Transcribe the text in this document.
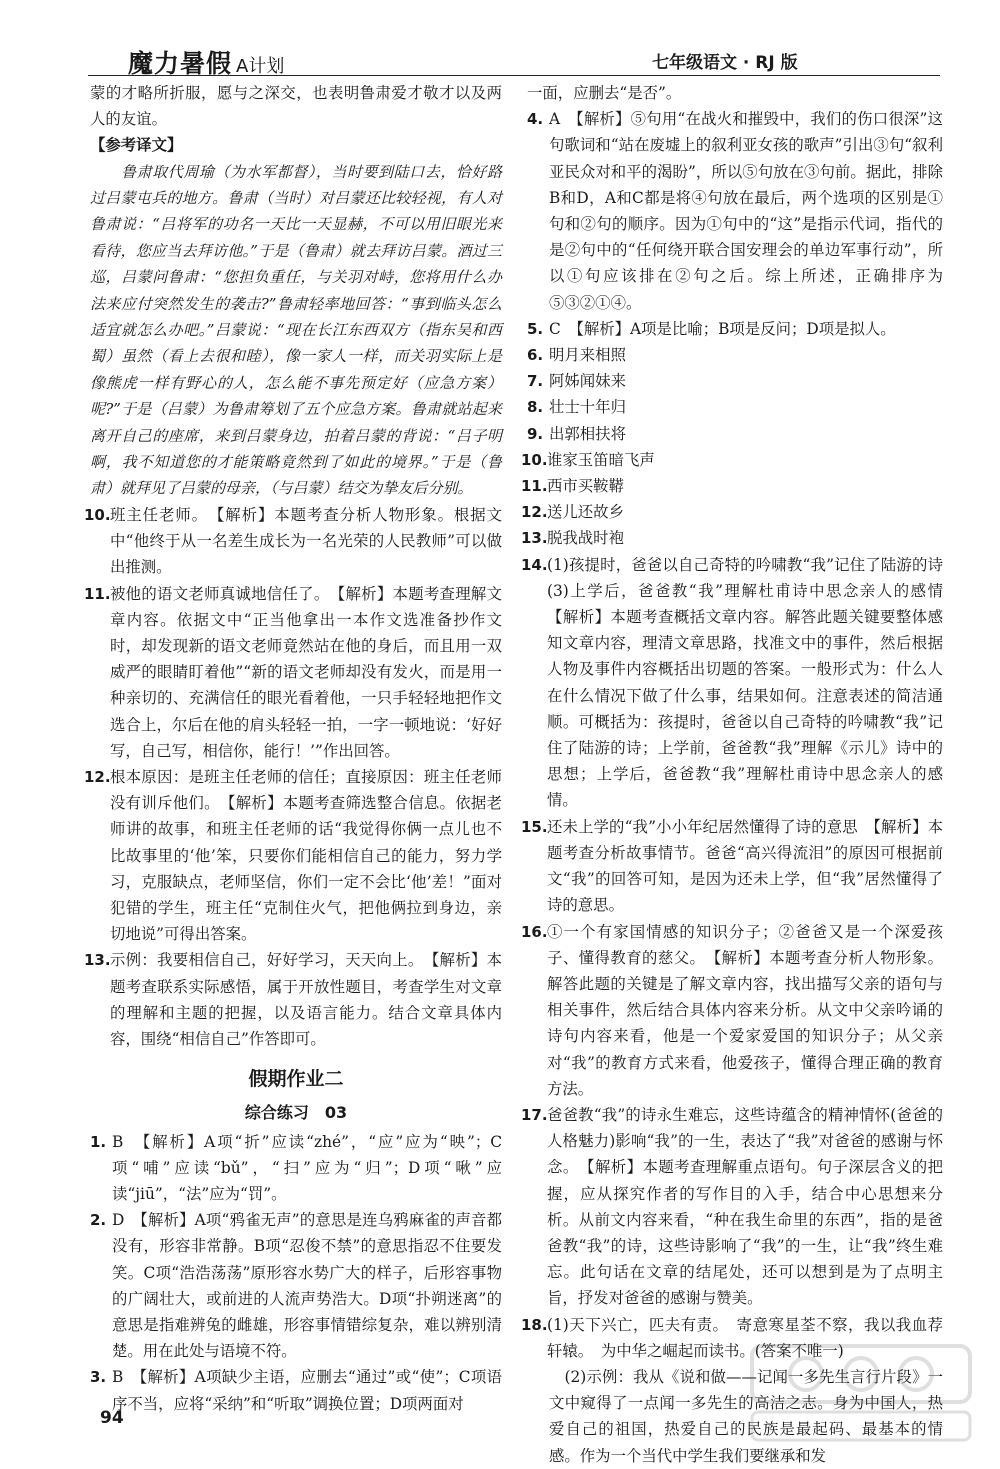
魔力暑假 A计划	七年级语文 · RJ 版

蒙的才略所折服，愿与之深交，也表明鲁肃爱才敬才以及两人的友谊。

【参考译文】

　　鲁肃取代周瑜（为水军都督），当时要到陆口去，恰好路过吕蒙屯兵的地方。鲁肃（当时）对吕蒙还比较轻视，有人对鲁肃说：“吕将军的功名一天比一天显赫，不可以用旧眼光来看待，您应当去拜访他。”于是（鲁肃）就去拜访吕蒙。酒过三巡，吕蒙问鲁肃：“您担负重任，与关羽对峙，您将用什么办法来应付突然发生的袭击?”鲁肃轻率地回答：“事到临头怎么适宜就怎么办吧。”吕蒙说：“现在长江东西双方（指东吴和西蜀）虽然（看上去很和睦），像一家人一样，而关羽实际上是像熊虎一样有野心的人，怎么能不事先预定好（应急方案）呢?”于是（吕蒙）为鲁肃筹划了五个应急方案。鲁肃就站起来离开自己的座席，来到吕蒙身边，拍着吕蒙的背说：“吕子明啊，我不知道您的才能策略竟然到了如此的境界。”于是（鲁肃）就拜见了吕蒙的母亲，（与吕蒙）结交为挚友后分别。

10. 班主任老师。　【解析】本题考查分析人物形象。根据文中“他终于从一名差生成长为一名光荣的人民教师”可以做出推测。
11. 被他的语文老师真诚地信任了。　【解析】本题考查理解文章内容。依据文中“正当他拿出一本作文选准备抄作文时，却发现新的语文老师竟然站在他的身后，而且用一双威严的眼睛盯着他”“新的语文老师却没有发火，而是用一种亲切的、充满信任的眼光看着他，一只手轻轻地把作文选合上，尔后在他的肩头轻轻一拍，一字一顿地说：‘好好写，自己写，相信你，能行！’”作出回答。
12. 根本原因：是班主任老师的信任；直接原因：班主任老师没有训斥他们。　【解析】本题考查筛选整合信息。依据老师讲的故事，和班主任老师的话“我觉得你俩一点儿也不比故事里的‘他’笨，只要你们能相信自己的能力，努力学习，克服缺点，老师坚信，你们一定不会比‘他’差！”面对犯错的学生，班主任“克制住火气，把他俩拉到身边，亲切地说”可得出答案。
13. 示例：我要相信自己，好好学习，天天向上。　【解析】本题考查联系实际感悟，属于开放性题目，考查学生对文章的理解和主题的把握，以及语言能力。结合文章具体内容，围绕“相信自己”作答即可。
假期作业二
综合练习　03
1. B　【解析】A项“折”应读“zhé”，“应”应为“映”；C项“哺”应读“bǔ”，“扫”应为“归”；D项“啾”应读“jiū”，“法”应为“罚”。
2. D　【解析】A项“鸦雀无声”的意思是连乌鸦麻雀的声音都没有，形容非常静。B项“忍俊不禁”的意思指忍不住要发笑。C项“浩浩荡荡”原形容水势广大的样子，后形容事物的广阔壮大，或前进的人流声势浩大。D项“扑朔迷离”的意思是指难辨兔的雌雄，形容事情错综复杂，难以辨别清楚。用在此处与语境不符。
3. B　【解析】A项缺少主语，应删去“通过”或“使”；C项语序不当，应将“采纳”和“听取”调换位置；D项两面对

一面，应删去“是否”。

4. A　【解析】⑤句用“在战火和摧毁中，我们的伤口很深”这句歌词和“站在废墟上的叙利亚女孩的歌声”引出③句“叙利亚民众对和平的渴盼”，所以⑤句放在③句前。据此，排除B和D，A和C都是将④句放在最后，两个选项的区别是①句和②句的顺序。因为①句中的“这”是指示代词，指代的是②句中的“任何绕开联合国安理会的单边军事行动”，所以①句应该排在②句之后。综上所述，正确排序为⑤③②①④。
5. C　【解析】A项是比喻；B项是反问；D项是拟人。
6. 明月来相照
7. 阿姊闻妹来
8. 壮士十年归
9. 出郭相扶将
10. 谁家玉笛暗飞声
11. 西市买鞍鞯
12. 送儿还故乡
13. 脱我战时袍
14. (1)孩提时，爸爸以自己奇特的吟啸教“我”记住了陆游的诗　(3)上学后，爸爸教“我”理解杜甫诗中思念亲人的感情　【解析】本题考查概括文章内容。解答此题关键要整体感知文章内容，理清文章思路，找准文中的事件，然后根据人物及事件内容概括出切题的答案。一般形式为：什么人在什么情况下做了什么事，结果如何。注意表述的简洁通顺。可概括为：孩提时，爸爸以自己奇特的吟啸教“我”记住了陆游的诗；上学前，爸爸教“我”理解《示儿》诗中的思想；上学后，爸爸教“我”理解杜甫诗中思念亲人的感情。
15. 还未上学的“我”小小年纪居然懂得了诗的意思　【解析】本题考查分析故事情节。爸爸“高兴得流泪”的原因可根据前文“我”的回答可知，是因为还未上学，但“我”居然懂得了诗的意思。
16. ①一个有家国情感的知识分子；②爸爸又是一个深爱孩子、懂得教育的慈父。　【解析】本题考查分析人物形象。解答此题的关键是了解文章内容，找出描写父亲的语句与相关事件，然后结合具体内容来分析。从文中父亲吟诵的诗句内容来看，他是一个爱家爱国的知识分子；从父亲对“我”的教育方式来看，他爱孩子，懂得合理正确的教育方法。
17. 爸爸教“我”的诗永生难忘，这些诗蕴含的精神情怀(爸爸的人格魅力)影响“我”的一生，表达了“我”对爸爸的感谢与怀念。　【解析】本题考查理解重点语句。句子深层含义的把握，应从探究作者的写作目的入手，结合中心思想来分析。从前文内容来看，“种在我生命里的东西”，指的是爸爸教“我”的诗，这些诗影响了“我”的一生，让“我”终生难忘。此句话在文章的结尾处，还可以想到是为了点明主旨，抒发对爸爸的感谢与赞美。
18. (1)天下兴亡，匹夫有责。　寄意寒星荃不察，我以我血荐轩辕。　为中华之崛起而读书。(答案不唯一)

　(2)示例：我从《说和做——记闻一多先生言行片段》一文中窥得了一点闻一多先生的高洁之志。身为中国人，热爱自己的祖国，热爱自己的民族是最起码、最基本的情感。作为一个当代中学生我们要继承和发

94
